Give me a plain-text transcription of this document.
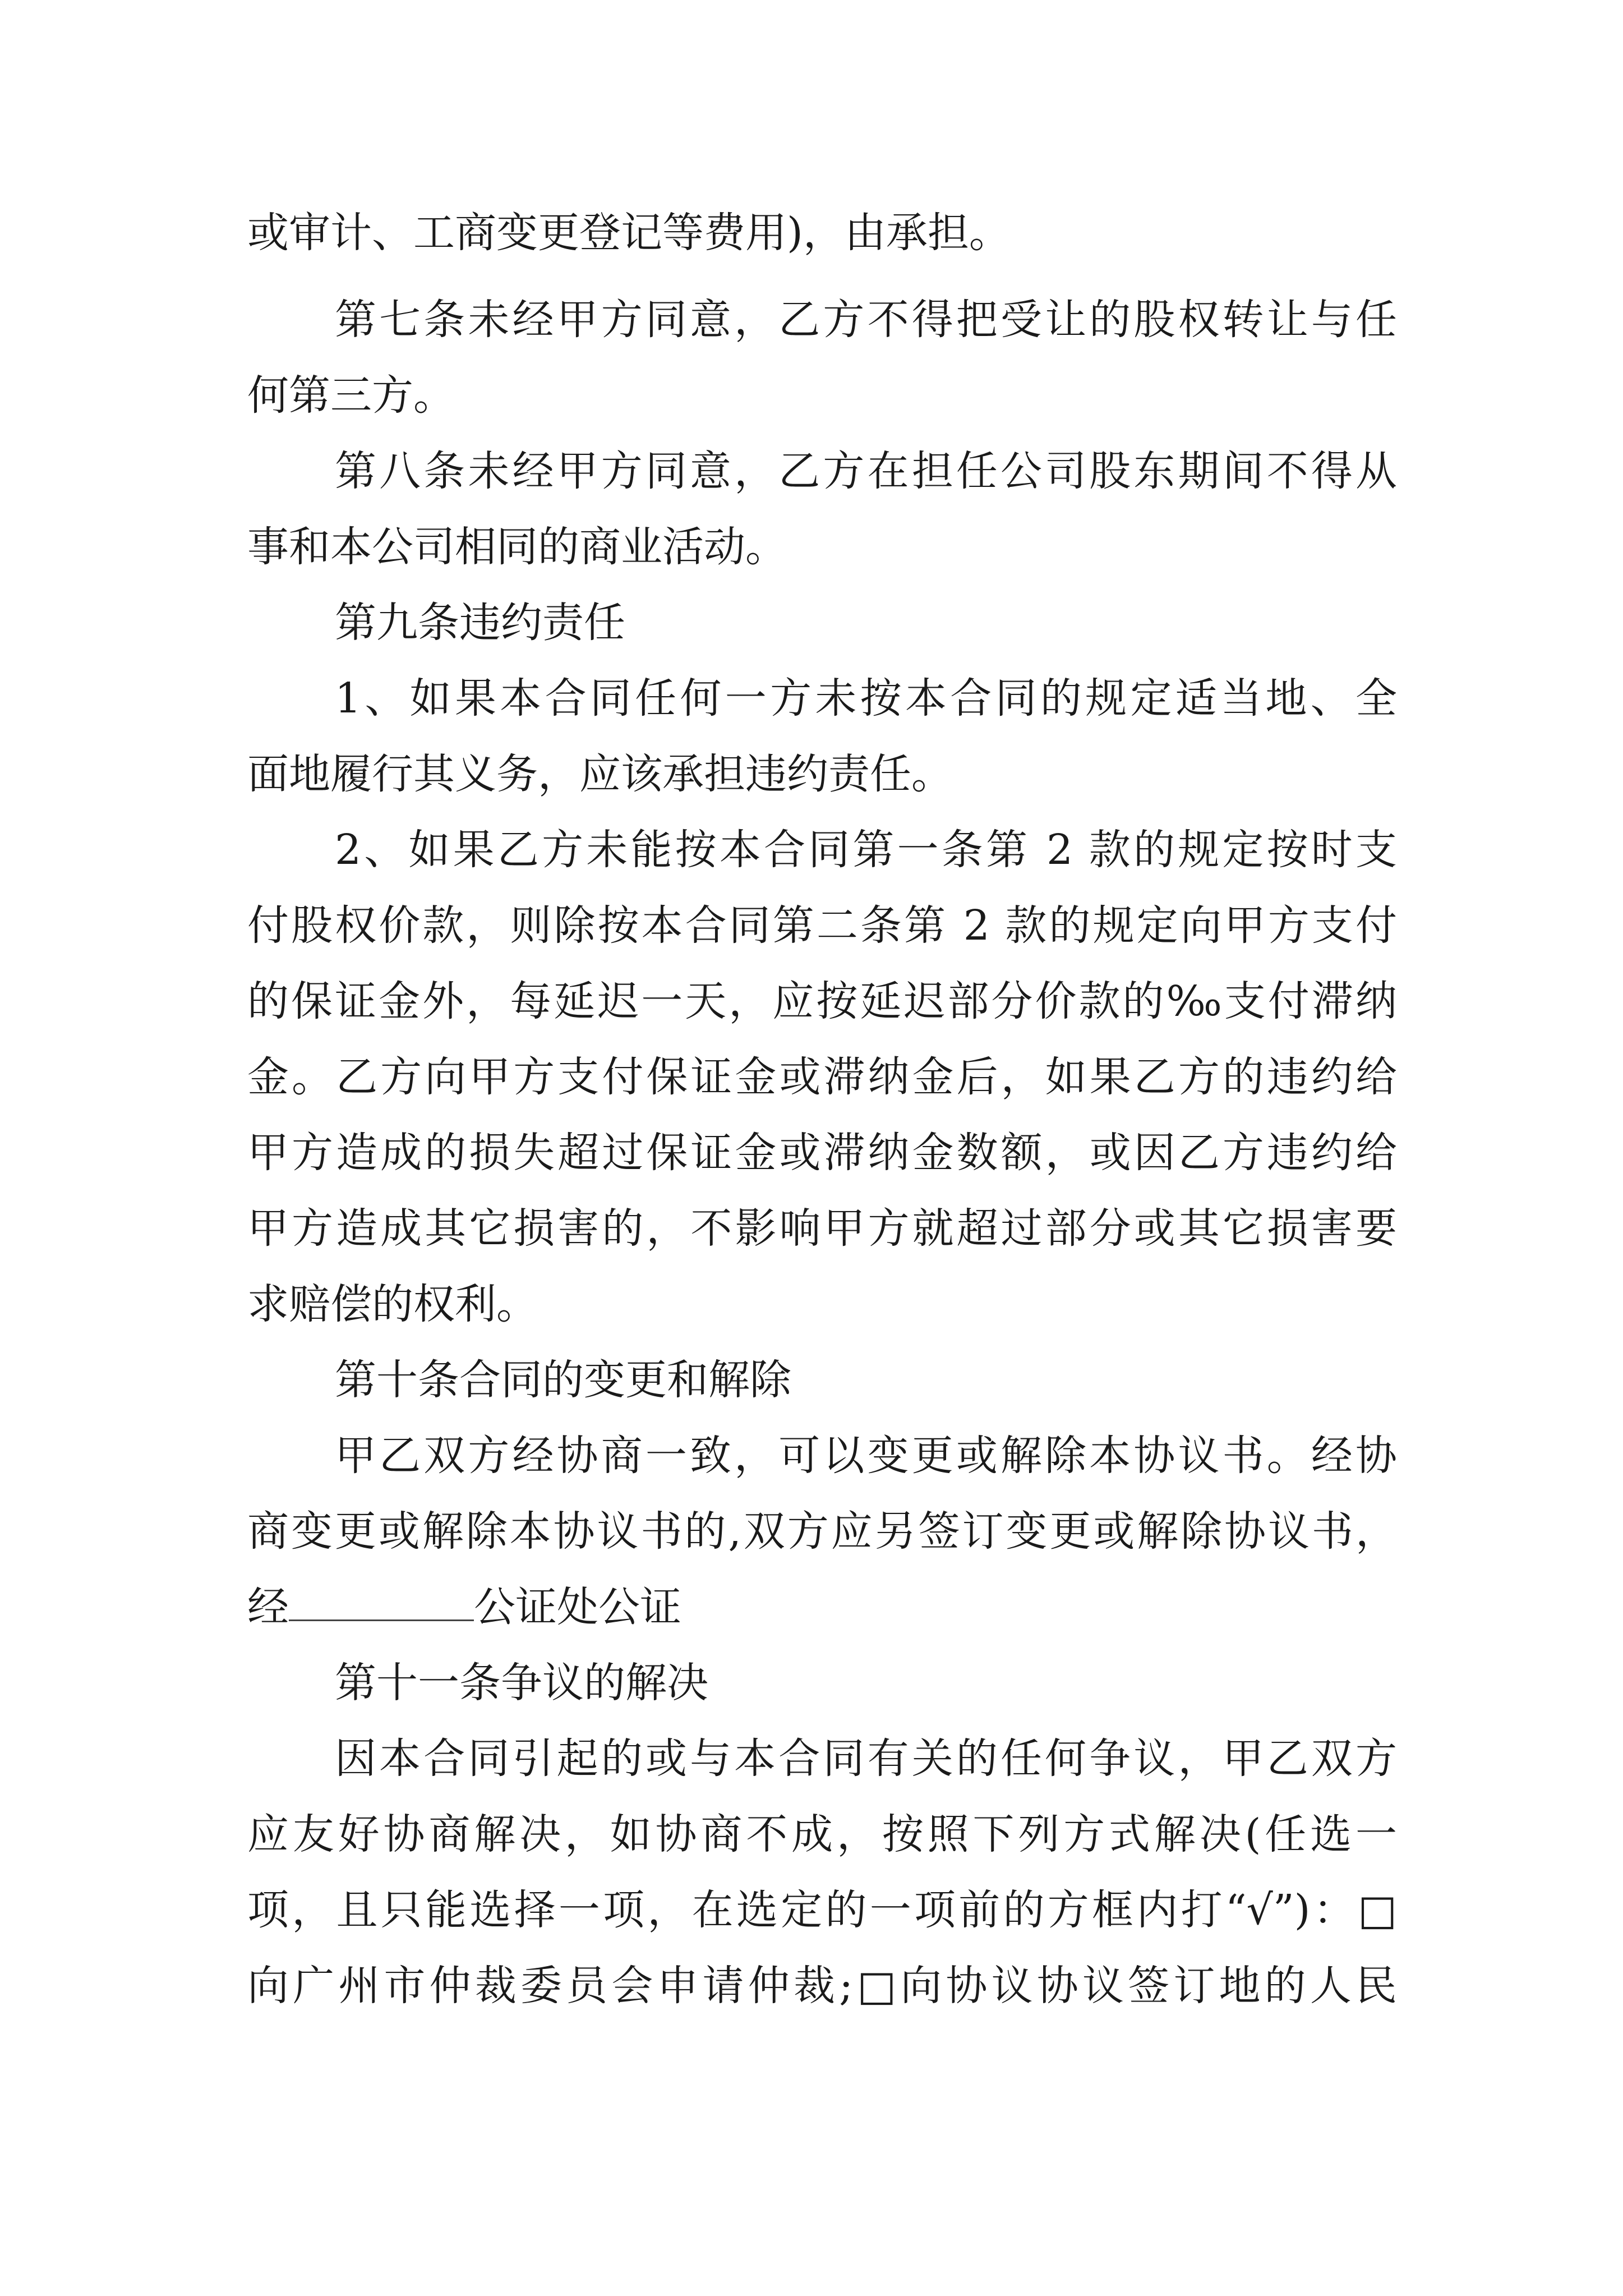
或审计、工商变更登记等费用)，由承担。
第七条未经甲方同意，乙方不得把受让的股权转让与任
何第三方。
第八条未经甲方同意，乙方在担任公司股东期间不得从
事和本公司相同的商业活动。
第九条违约责任
1、如果本合同任何一方未按本合同的规定适当地、全
面地履行其义务，应该承担违约责任。
2、如果乙方未能按本合同第一条第 2 款的规定按时支
付股权价款，则除按本合同第二条第 2 款的规定向甲方支付
的保证金外，每延迟一天，应按延迟部分价款的‰支付滞纳
金。乙方向甲方支付保证金或滞纳金后，如果乙方的违约给
甲方造成的损失超过保证金或滞纳金数额，或因乙方违约给
甲方造成其它损害的，不影响甲方就超过部分或其它损害要
求赔偿的权利。
第十条合同的变更和解除
甲乙双方经协商一致，可以变更或解除本协议书。经协
商变更或解除本协议书的,双方应另签订变更或解除协议书，
经	公证处公证
第十一条争议的解决
因本合同引起的或与本合同有关的任何争议，甲乙双方
应友好协商解决，如协商不成，按照下列方式解决(任选一
项，且只能选择一项，在选定的一项前的方框内打“√”)：□
向广州市仲裁委员会申请仲裁;□向协议协议签订地的人民
